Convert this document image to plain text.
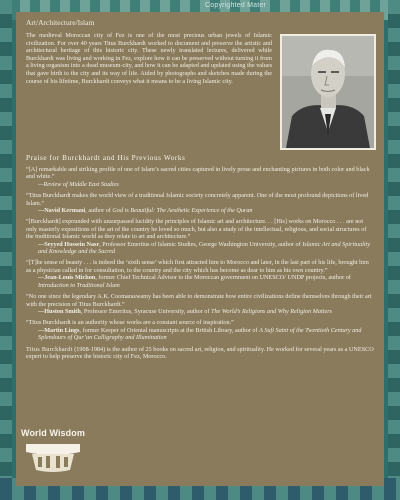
Copyrighted Mater

Art/Architecture/Islam

The medieval Moroccan city of Fez is one of the most precious urban jewels of Islamic civilization. For over 40 years Titus Burckhardt worked to document and preserve the artistic and architectural heritage of this historic city. These newly translated lectures, delivered while Burckhardt was living and working in Fez, explore how it can be preserved without turning it from a living organism into a dead museum-city, and how it can be adapted and updated using the values that gave birth to the city and its way of life. Aided by photographs and sketches made during the course of his lifetime, Burckhardt conveys what it means to be a living Islamic city.

Praise for Burckhardt and His Previous Works

“[A] remarkable and striking profile of one of Islam’s sacred cities captured in lively prose and enchanting pictures in both color and black and white.”
—Review of Middle East Studies
“Titus Burckhardt makes the world view of a traditional Islamic society concretely apparent. One of the most profound depictions of lived Islam.”
—Navid Kermani, author of God is Beautiful: The Aesthetic Experience of the Quran
“[Burckhardt] expounded with unsurpassed lucidity the principles of Islamic art and architecture. . . [His] works on Morocco . . . are not only masterly expositions of the art of the country he loved so much, but also a study of the intellectual, religious, and social structures of the traditional Islamic world as they relate to art and architecture.”
—Seyyed Hossein Nasr, Professor Emeritus of Islamic Studies, George Washington University, author of Islamic Art and Spirituality and Knowledge and the Sacred
“[T]he sense of beauty . . . is indeed the ‘sixth sense’ which first attracted him to Morocco and later, in the last part of his life, brought him as a physician called in for consultation, to the country and the city which has become as dear to him as his own country.”
—Jean-Louis Michon, former Chief Technical Advisor to the Moroccan government on UNESCO/ UNDP projects, author of Introduction to Traditional Islam
“No one since the legendary A.K. Coomaraswamy has been able to demonstrate how entire civilizations define themselves through their art with the precision of Titus Burckhardt.”
—Huston Smith, Professor Emeritus, Syracuse University, author of The World’s Religions and Why Religion Matters
“Titus Burckhardt is an authority whose works are a constant source of inspiration.”
—Martin Lings, former Keeper of Oriental manuscripts at the British Library, author of A Sufi Saint of the Twentieth Century and Splendours of Qur’an Calligraphy and Illumination

Titus Burckhardt (1908-1984) is the author of 25 books on sacred art, religion, and spirituality. He worked for several years as a UNESCO expert to help preserve the historic city of Fez, Morocco.

World Wisdom
